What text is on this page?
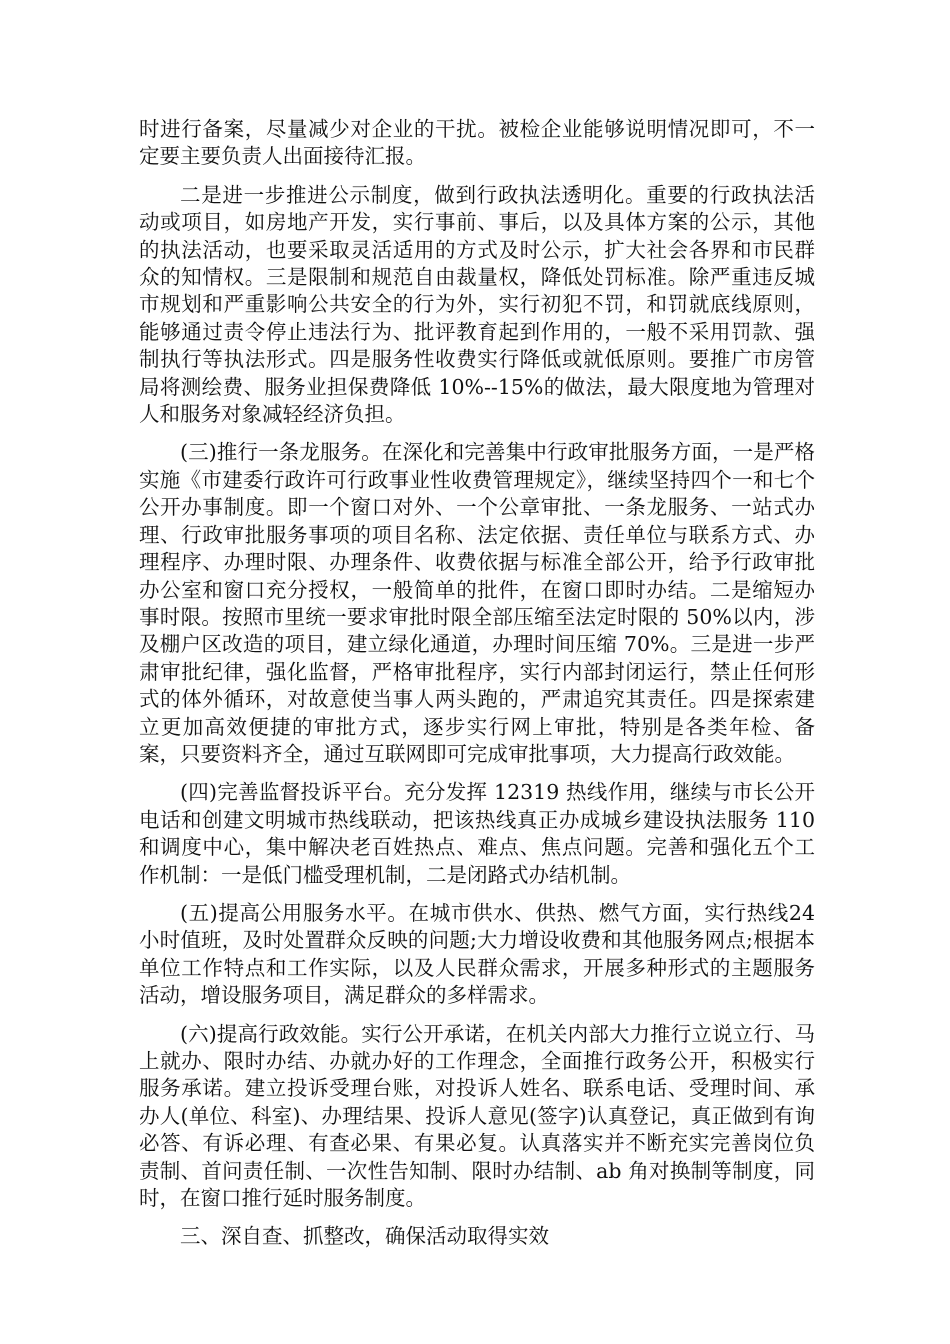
时进行备案，尽量减少对企业的干扰。被检企业能够说明情况即可，不一定要主要负责人出面接待汇报。

二是进一步推进公示制度，做到行政执法透明化。重要的行政执法活动或项目，如房地产开发，实行事前、事后，以及具体方案的公示，其他的执法活动，也要采取灵活适用的方式及时公示，扩大社会各界和市民群众的知情权。三是限制和规范自由裁量权，降低处罚标准。除严重违反城市规划和严重影响公共安全的行为外，实行初犯不罚，和罚就底线原则，能够通过责令停止违法行为、批评教育起到作用的，一般不采用罚款、强制执行等执法形式。四是服务性收费实行降低或就低原则。要推广市房管局将测绘费、服务业担保费降低 10%--15%的做法，最大限度地为管理对人和服务对象减轻经济负担。

(三)推行一条龙服务。在深化和完善集中行政审批服务方面，一是严格实施《市建委行政许可行政事业性收费管理规定》，继续坚持四个一和七个公开办事制度。即一个窗口对外、一个公章审批、一条龙服务、一站式办理、行政审批服务事项的项目名称、法定依据、责任单位与联系方式、办理程序、办理时限、办理条件、收费依据与标准全部公开，给予行政审批办公室和窗口充分授权，一般简单的批件，在窗口即时办结。二是缩短办事时限。按照市里统一要求审批时限全部压缩至法定时限的 50%以内，涉及棚户区改造的项目，建立绿化通道，办理时间压缩 70%。三是进一步严肃审批纪律，强化监督，严格审批程序，实行内部封闭运行，禁止任何形式的体外循环，对故意使当事人两头跑的，严肃追究其责任。四是探索建立更加高效便捷的审批方式，逐步实行网上审批，特别是各类年检、备案，只要资料齐全，通过互联网即可完成审批事项，大力提高行政效能。

(四)完善监督投诉平台。充分发挥 12319 热线作用，继续与市长公开电话和创建文明城市热线联动，把该热线真正办成城乡建设执法服务 110 和调度中心，集中解决老百姓热点、难点、焦点问题。完善和强化五个工作机制：一是低门槛受理机制，二是闭路式办结机制。

(五)提高公用服务水平。在城市供水、供热、燃气方面，实行热线24 小时值班，及时处置群众反映的问题;大力增设收费和其他服务网点;根据本单位工作特点和工作实际，以及人民群众需求，开展多种形式的主题服务活动，增设服务项目，满足群众的多样需求。

(六)提高行政效能。实行公开承诺，在机关内部大力推行立说立行、马上就办、限时办结、办就办好的工作理念，全面推行政务公开，积极实行服务承诺。建立投诉受理台账，对投诉人姓名、联系电话、受理时间、承办人(单位、科室)、办理结果、投诉人意见(签字)认真登记，真正做到有询必答、有诉必理、有查必果、有果必复。认真落实并不断充实完善岗位负责制、首问责任制、一次性告知制、限时办结制、ab 角对换制等制度，同时，在窗口推行延时服务制度。

三、深自查、抓整改，确保活动取得实效
